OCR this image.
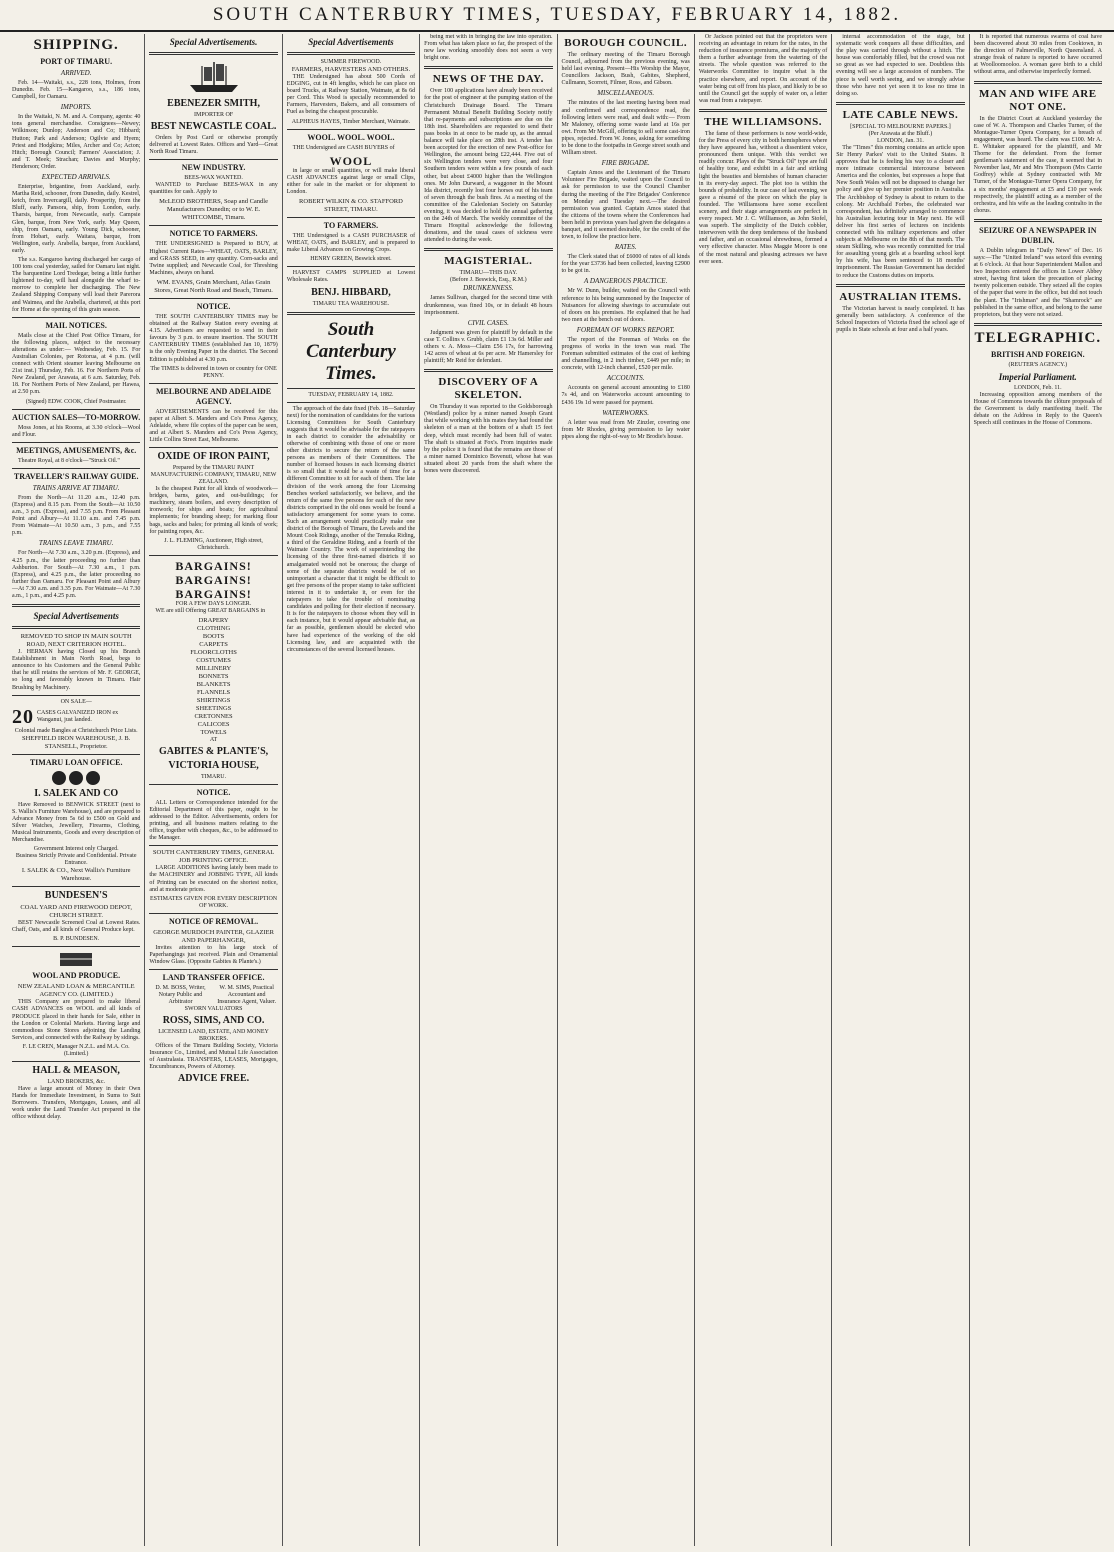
SOUTH CANTERBURY TIMES, TUESDAY, FEBRUARY 14, 1882.
SHIPPING.
PORT OF TIMARU.
ARRIVED.

Feb. 14—Waitaki, s.s., 228 tons, Holmes, from Dunedin. Feb. 15—Kangaroo, s.s., 186 tons, Campbell, for Oamaru.

IMPORTS.

In the Waitaki, N. M. and A. Company, agents: 40 tons general merchandise. Consignees—Newey; Wilkinson; Dunlop; Anderson and Co; Hibbard; Hutton; Park and Anderson; Ogilvie and Hyem; Priest and Hodgkins; Miles, Archer and Co; Acton; Hitch; Borough Council; Farmers' Association; J. and T. Meek; Strachan; Davies and Murphy; Henderson; Order.

EXPECTED ARRIVALS.

Enterprise, brigantine, from Auckland, early. Martha Reid, schooner, from Dunedin, daily. Kestrel, ketch, from Invercargill, daily. Prosperity, from the Bluff, early. Pansora, ship, from London, early. Tharsis, barque, from Newcastle, early. Campsie Glen, barque, from New York, early. May Queen, ship, from Oamaru, early. Young Dick, schooner, from Hobart, early. Waitara, barque, from Wellington, early. Arabella, barque, from Auckland, early.

The s.s. Kangaroo having discharged her cargo of 100 tons coal yesterday, sailed for Oamaru last night. The barquentine Lord Tredegar, being a little further lightened to-day, will haul alongside the wharf to-morrow to complete her discharging. The New Zealand Shipping Company will load their Parerora and Waimea, and the Arabella, chartered, at this port for Home at the opening of this grain season.

MAIL NOTICES.

Mails close at the Chief Post Office Timaru, for the following places, subject to the necessary alterations as under:— Wednesday, Feb. 15. For Australian Colonies, per Rotorua, at 4 p.m. (will connect with Orient steamer leaving Melbourne on 21st inst.) Thursday, Feb. 16. For Northern Ports of New Zealand, per Arawata, at 6 a.m. Saturday, Feb. 18. For Northern Ports of New Zealand, per Hawea, at 2.50 p.m.

(Signed) EDW. COOK, Chief Postmaster.
AUCTION SALES—TO-MORROW.

Moss Jones, at his Rooms, at 3.30 o'clock—Wool and Flour.

MEETINGS, AMUSEMENTS, &c.

Theatre Royal, at 8 o'clock—"Struck Oil."

TRAVELLER'S RAILWAY GUIDE.
TRAINS ARRIVE AT TIMARU.

From the North—At 11.20 a.m., 12.40 p.m. (Express) and 8.15 p.m. From the South—At 10.50 a.m., 3 p.m. (Express), and 7.55 p.m. From Pleasant Point and Albury—At 11.10 a.m. and 7.45 p.m. From Waimate—At 10.50 a.m., 3 p.m., and 7.55 p.m.

TRAINS LEAVE TIMARU.

For North—At 7.30 a.m., 3.20 p.m. (Express), and 4.25 p.m., the latter proceeding no further than Ashburton. For South—At 7.30 a.m., 1 p.m. (Express), and 4.25 p.m., the latter proceeding no further than Oamaru. For Pleasant Point and Albury—At 7.30 a.m. and 3.35 p.m. For Waimate—At 7.30 a.m., 1 p.m., and 4.25 p.m.

Special Advertisements
REMOVED TO SHOP IN MAIN SOUTH ROAD, NEXT CRITERION HOTEL.

J. HERMAN having Closed up his Branch Establishment in Main North Road, begs to announce to his Customers and the General Public that he still retains the services of Mr. F. GEORGE, so long and favorably known in Timaru. Hair Brushing by Machinery.

ON SALE—
20 CASES GALVANIZED IRON ex Wanganui, just landed.
Colonial made Bangles at Christchurch Price Lists.
SHEFFIELD IRON WAREHOUSE, J. B. STANSELL, Proprietor.
TIMARU LOAN OFFICE.
I. SALEK AND CO

Have Removed to BENWICK STREET (next to S. Wallis's Furniture Warehouse), and are prepared to Advance Money from 5s 6d to £500 on Gold and Silver Watches, Jewellery, Firearms, Clothing, Musical Instruments, Goods and every description of Merchandise.

Government Interest only Charged.
Business Strictly Private and Confidential. Private Entrance.
I. SALEK & CO., Next Wallis's Furniture Warehouse.
BUNDESEN'S
COAL YARD AND FIREWOOD DEPOT, CHURCH STREET.

BEST Newcastle Screened Coal at Lowest Rates. Chaff, Oats, and all kinds of General Produce kept.

B. P. BUNDESEN.
WOOL AND PRODUCE.
NEW ZEALAND LOAN & MERCANTILE AGENCY CO. (LIMITED.)

THIS Company are prepared to make liberal CASH ADVANCES on WOOL and all kinds of PRODUCE placed in their hands for Sale, either in the London or Colonial Markets. Having large and commodious Stone Stores adjoining the Landing Services, and connected with the Railway by sidings.

F. LE CREN, Manager N.Z.L. and M.A. Co. (Limited.)
HALL & MEASON,
LAND BROKERS, &c.

Have a large amount of Money in their Own Hands for Immediate Investment, in Sums to Suit Borrowers. Transfers, Mortgages, Leases, and all work under the Land Transfer Act prepared in the office without delay.

Special Advertisements.
EBENEZER SMITH,
IMPORTER OF
BEST NEWCASTLE COAL.

Orders by Post Card or otherwise promptly delivered at Lowest Rates. Offices and Yard—Great North Road Timaru.

NEW INDUSTRY.
BEES-WAX WANTED.

WANTED to Purchase BEES-WAX in any quantities for cash. Apply to

McLEOD BROTHERS, Soap and Candle Manufacturers Dunedin; or to W. E. WHITCOMBE, Timaru.
NOTICE TO FARMERS.

THE UNDERSIGNED is Prepared to BUY, at Highest Current Rates—WHEAT, OATS, BARLEY, and GRASS SEED, in any quantity. Corn-sacks and Twine supplied; and Newcastle Coal, for Threshing Machines, always on hand.

WM. EVANS, Grain Merchant, Atlas Grain Stores, Great North Road and Beach, Timaru.
NOTICE.

THE SOUTH CANTERBURY TIMES may be obtained at the Railway Station every evening at 4.15. Advertisers are requested to send in their favours by 3 p.m. to ensure insertion. The SOUTH CANTERBURY TIMES (established Jan 10, 1879) is the only Evening Paper in the district. The Second Edition is published at 4.30 p.m.

The TIMES is delivered in town or country for ONE PENNY.
MELBOURNE AND ADELAIDE AGENCY.

ADVERTISEMENTS can be received for this paper at Albert S. Manders and Co's Press Agency, Adelaide, where file copies of the paper can be seen, and at Albert S. Manders and Co's Press Agency, Little Collins Street East, Melbourne.

OXIDE OF IRON PAINT,
Prepared by the TIMARU PAINT MANUFACTURING COMPANY, TIMARU, NEW ZEALAND.

Is the cheapest Paint for all kinds of woodwork—bridges, barns, gates, and out-buildings; for machinery, steam boilers, and every description of ironwork; for ships and boats; for agricultural implements; for branding sheep; for marking flour bags, sacks and bales; for priming all kinds of work; for painting ropes, &c.

J. L. FLEMING, Auctioneer, High street, Christchurch.
BARGAINS! BARGAINS!
BARGAINS!
FOR A FEW DAYS LONGER.

WE are still Offering GREAT BARGAINS in

DRAPERY
CLOTHING
BOOTS
CARPETS
FLOORCLOTHS
COSTUMES
MILLINERY
BONNETS
BLANKETS
FLANNELS
SHIRTINGS
SHEETINGS
CRETONNES
CALICOES
TOWELS
AT
GABITES & PLANTE'S,
VICTORIA HOUSE,
TIMARU.
NOTICE.

ALL Letters or Correspondence intended for the Editorial Department of this paper, ought to be addressed to the Editor. Advertisements, orders for printing, and all business matters relating to the office, together with cheques, &c., to be addressed to the Manager.

SOUTH CANTERBURY TIMES, GENERAL JOB PRINTING OFFICE.

LARGE ADDITIONS having lately been made to the MACHINERY and JOBBING TYPE, All kinds of Printing can be executed on the shortest notice, and at moderate prices.

ESTIMATES GIVEN FOR EVERY DESCRIPTION OF WORK.
NOTICE OF REMOVAL.
GEORGE MURDOCH PAINTER, GLAZIER AND PAPERHANGER,

Invites attention to his large stock of Paperhangings just received. Plain and Ornamental Window Glass. (Opposite Gabites & Plante's.)

LAND TRANSFER OFFICE.
D. M. BOSS, Writer, Notary Public and Arbitrator
W. M. SIMS, Practical Accountant and Insurance Agent, Valuer.
SWORN VALUATORS
ROSS, SIMS, AND CO.
LICENSED LAND, ESTATE, AND MONEY BROKERS.

Offices of the Timaru Building Society, Victoria Insurance Co., Limited, and Mutual Life Association of Australasia. TRANSFERS, LEASES, Mortgages, Encumbrances, Powers of Attorney.

ADVICE FREE.
Special Advertisements
SUMMER FIREWOOD.
FARMERS, HARVESTERS AND OTHERS.

THE Undersigned has about 500 Cords of EDGING, cut in 4ft lengths, which he can place on board Trucks, at Railway Station, Waimate, at 8s 6d per Cord. This Wood is specially recommended to Farmers, Harvesters, Bakers, and all consumers of Fuel as being the cheapest procurable.

ALPHEUS HAYES, Timber Merchant, Waimate.
WOOL. WOOL. WOOL.

THE Undersigned are CASH BUYERS of

WOOL

in large or small quantities, or will make liberal CASH ADVANCES against large or small Clips, either for sale in the market or for shipment to London.

ROBERT WILKIN & CO. STAFFORD STREET, TIMARU.
TO FARMERS.

THE Undersigned is a CASH PURCHASER of WHEAT, OATS, and BARLEY, and is prepared to make Liberal Advances on Growing Crops.

HENRY GREEN, Beswick street.

HARVEST CAMPS SUPPLIED at Lowest Wholesale Rates.

BENJ. HIBBARD,
TIMARU TEA WAREHOUSE.
South Canterbury Times.
TUESDAY, FEBRUARY 14, 1882.

The approach of the date fixed (Feb. 18—Saturday next) for the nomination of candidates for the various Licensing Committees for South Canterbury suggests that it would be advisable for the ratepayers in each district to consider the advisability or otherwise of combining with those of one or more other districts to secure the return of the same persons as members of their Committees. The number of licensed houses in each licensing district is so small that it would be a waste of time for a different Committee to sit for each of them. The late division of the work among the four Licensing Benches worked satisfactorily, we believe, and the return of the same five persons for each of the new districts comprised in the old ones would be found a satisfactory arrangement for some years to come. Such an arrangement would practically make one district of the Borough of Timaru, the Levels and the Mount Cook Ridings, another of the Temuka Riding, a third of the Geraldine Riding, and a fourth of the Waimate Country. The work of superintending the licensing of the three first-named districts if so amalgamated would not be onerous; the charge of some of the separate districts would be of so unimportant a character that it might be difficult to get five persons of the proper stamp to take sufficient interest in it to undertake it, or even for the ratepayers to take the trouble of nominating candidates and polling for their election if necessary. It is for the ratepayers to choose whom they will in each instance, but it would appear advisable that, as far as possible, gentlemen should be elected who have had experience of the working of the old Licensing law, and are acquainted with the circumstances of the several licensed houses.

being met with in bringing the law into operation. From what has taken place so far, the prospect of the new law working smoothly does not seem a very bright one.

NEWS OF THE DAY.

Over 100 applications have already been received for the post of engineer at the pumping station of the Christchurch Drainage Board. The Timaru Permanent Mutual Benefit Building Society notify that re-payments and subscriptions are due on the 18th inst. Shareholders are requested to send their pass books in at once to be made up, as the annual balance will take place on 28th inst. A tender has been accepted for the erection of new Post-office for Wellington, the amount being £22,444. Five out of six Wellington tenders were very close, and four Southern tenders were within a few pounds of each other, but about £4000 higher than the Wellington ones. Mr John Durward, a waggoner in the Mount Ida district, recently lost four horses out of his team of seven through the bush fires. At a meeting of the committee of the Caledonian Society on Saturday evening, it was decided to hold the annual gathering on the 24th of March. The weekly committee of the Timaru Hospital acknowledge the following donations, and the usual cases of sickness were attended to during the week.

MAGISTERIAL.
TIMARU—THIS DAY.
(Before J. Beswick, Esq., R.M.)
DRUNKENNESS.

James Sullivan, charged for the second time with drunkenness, was fined 10s, or in default 48 hours imprisonment.

CIVIL CASES.

Judgment was given for plaintiff by default in the case T. Collins v. Grubb, claim £1 13s 6d. Miller and others v. A. Moss—Claim £56 17s, for harrowing 142 acres of wheat at 6s per acre. Mr Hamersley for plaintiff; Mr Reid for defendant.

DISCOVERY OF A SKELETON.

On Thursday it was reported to the Goldsborough (Westland) police by a miner named Joseph Grant that while working with his mates they had found the skeleton of a man at the bottom of a shaft 15 feet deep, which must recently had been full of water. The shaft is situated at Fox's. From inquiries made by the police it is found that the remains are those of a miner named Dominico Bovenuti, whose hat was situated about 20 yards from the shaft where the bones were discovered.

BOROUGH COUNCIL.

The ordinary meeting of the Timaru Borough Council, adjourned from the previous evening, was held last evening. Present—His Worship the Mayor, Councillors Jackson, Bush, Gabites, Shepherd, Cullmann, Scorrett, Filmer, Ross, and Gibson.

MISCELLANEOUS.

The minutes of the last meeting having been read and confirmed and correspondence read, the following letters were read, and dealt with:— From Mr Maloney, offering some waste land at 16s per owt. From Mr McGill, offering to sell some cast-iron pipes, rejected. From W. Jones, asking for something to be done to the footpaths in George street south and William street.

FIRE BRIGADE.

Captain Amos and the Lieutenant of the Timaru Volunteer Fire Brigade, waited upon the Council to ask for permission to use the Council Chamber during the meeting of the Fire Brigades' Conference on Monday and Tuesday next.—The desired permission was granted. Captain Amos stated that the citizens of the towns where the Conferences had been held in previous years had given the delegates a banquet, and it seemed desirable, for the credit of the town, to follow the practice here.

RATES.

The Clerk stated that of £6000 of rates of all kinds for the year £3736 had been collected, leaving £2900 to be got in.

A DANGEROUS PRACTICE.

Mr W. Dunn, builder, waited on the Council with reference to his being summoned by the Inspector of Nuisances for allowing shavings to accumulate out of doors on his premises. He explained that he had two men at the bench out of doors.

FOREMAN OF WORKS REPORT.

The report of the Foreman of Works on the progress of works in the town was read. The Foreman submitted estimates of the cost of kerbing and channelling, in 2 inch timber, £449 per mile; in concrete, with 12-inch channel, £520 per mile.

ACCOUNTS.

Accounts on general account amounting to £180 7s 4d, and on Waterworks account amounting to £436 19s 1d were passed for payment.

WATERWORKS.

A letter was read from Mr Zinzler, covering one from Mr Rhodes, giving permission to lay water pipes along the right-of-way to Mr Brodie's house.

Or Jackson pointed out that the proprietors were receiving an advantage in return for the rates, in the reduction of insurance premiums, and the majority of them a further advantage from the watering of the streets. The whole question was referred to the Waterworks Committee to inquire what is the practice elsewhere, and report. On account of the water being cut off from his place, and likely to be so until the Council get the supply of water on, a letter was read from a ratepayer.

THE WILLIAMSONS.

The fame of these performers is now world-wide, for the Press of every city in both hemispheres where they have appeared has, without a dissentient voice, pronounced them unique. With this verdict we readily concur. Plays of the "Struck Oil" type are full of healthy tone, and exhibit in a fair and striking light the beauties and blemishes of human character in its every-day aspect. The plot too is within the bounds of probability. In our case of last evening, we gave a résumé of the piece on which the play is founded. The Williamsons have some excellent scenery, and their stage arrangements are perfect in every respect. Mr J. C. Williamson, as John Stofel, was superb. The simplicity of the Dutch cobbler, interwoven with the deep tenderness of the husband and father, and an occasional shrewdness, formed a very effective character. Miss Maggie Moore is one of the most natural and pleasing actresses we have ever seen.

internal accommodation of the stage, but systematic work conquers all these difficulties, and the play was carried through without a hitch. The house was comfortably filled, but the crowd was not so great as we had expected to see. Doubtless this evening will see a large accession of numbers. The piece is well worth seeing, and we strongly advise those who have not yet seen it to lose no time in doing so.

LATE CABLE NEWS.
[SPECIAL TO MELBOURNE PAPERS.]
(Per Arawata at the Bluff.)
LONDON, Jan. 31.

The "Times" this morning contains an article upon Sir Henry Parkes' visit to the United States. It approves that he is feeling his way to a closer and more intimate commercial intercourse between America and the colonies, but expresses a hope that New South Wales will not be disposed to change her policy and give up her premier position in Australia. The Archbishop of Sydney is about to return to the colony. Mr Archibald Forbes, the celebrated war correspondent, has definitely arranged to commence his Australian lecturing tour in May next. He will deliver his first series of lectures on incidents connected with his military experiences and other subjects at Melbourne on the 8th of that month. The steam Skilling, who was recently committed for trial for assaulting young girls at a boarding school kept by his wife, has been sentenced to 18 months' imprisonment. The Russian Government has decided to reduce the Customs duties on imports.

AUSTRALIAN ITEMS.

The Victorian harvest is nearly completed. It has generally been satisfactory. A conference of the School Inspectors of Victoria fixed the school age of pupils in State schools at four and a half years.

It is reported that numerous swarms of coal have been discovered about 30 miles from Cooktown, in the direction of Palmerville, North Queensland. A strange freak of nature is reported to have occurred at Woolloomooloo. A woman gave birth to a child without arms, and otherwise imperfectly formed.

MAN AND WIFE ARE NOT ONE.

In the District Court at Auckland yesterday the case of W. A. Thompson and Charles Turner, of the Montague-Turner Opera Company, for a breach of engagement, was heard. The claim was £100. Mr A. E. Whitaker appeared for the plaintiff, and Mr Thorne for the defendant. From the former gentleman's statement of the case, it seemed that in November last, Mr and Mrs Thompson (Mrs Carrie Godfrey) while at Sydney contracted with Mr Turner, of the Montague-Turner Opera Company, for a six months' engagement at £5 and £10 per week respectively, the plaintiff acting as a member of the orchestra, and his wife as the leading contralto in the chorus.

SEIZURE OF A NEWSPAPER IN DUBLIN.

A Dublin telegram in "Daily News" of Dec. 16 says:—The "United Ireland" was seized this evening at 6 o'clock. At that hour Superintendent Mallon and two Inspectors entered the offices in Lower Abbey street, having first taken the precaution of placing twenty policemen outside. They seized all the copies of the paper that were in the office, but did not touch the plant. The "Irishman" and the "Shamrock" are published in the same office, and belong to the same proprietors, but they were not seized.

TELEGRAPHIC.
BRITISH AND FOREIGN.
(REUTER'S AGENCY.)
Imperial Parliament.
LONDON, Feb. 11.

Increasing opposition among members of the House of Commons towards the clôture proposals of the Government is daily manifesting itself. The debate on the Address in Reply to the Queen's Speech still continues in the House of Commons.
